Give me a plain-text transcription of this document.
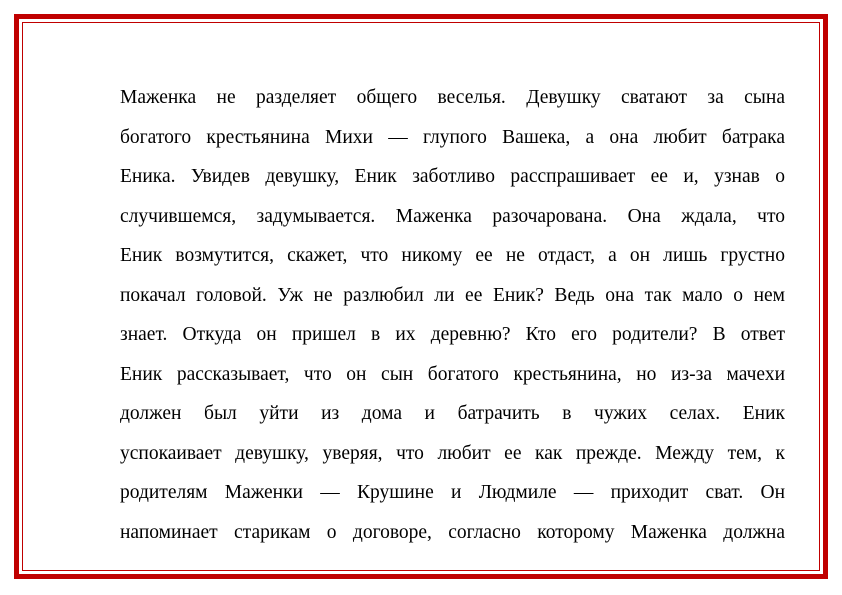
Маженка не разделяет общего веселья. Девушку сватают за сына
богатого крестьянина Михи — глупого Вашека, а она любит батрака
Еника. Увидев девушку, Еник заботливо расспрашивает ее и, узнав о
случившемся, задумывается. Маженка разочарована. Она ждала, что
Еник возмутится, скажет, что никому ее не отдаст, а он лишь грустно
покачал головой. Уж не разлюбил ли ее Еник? Ведь она так мало о нем
знает. Откуда он пришел в их деревню? Кто его родители? В ответ
Еник рассказывает, что он сын богатого крестьянина, но из-за мачехи
должен был уйти из дома и батрачить в чужих селах. Еник
успокаивает девушку, уверяя, что любит ее как прежде. Между тем, к
родителям Маженки — Крушине и Людмиле — приходит сват. Он
напоминает старикам о договоре, согласно которому Маженка должна
